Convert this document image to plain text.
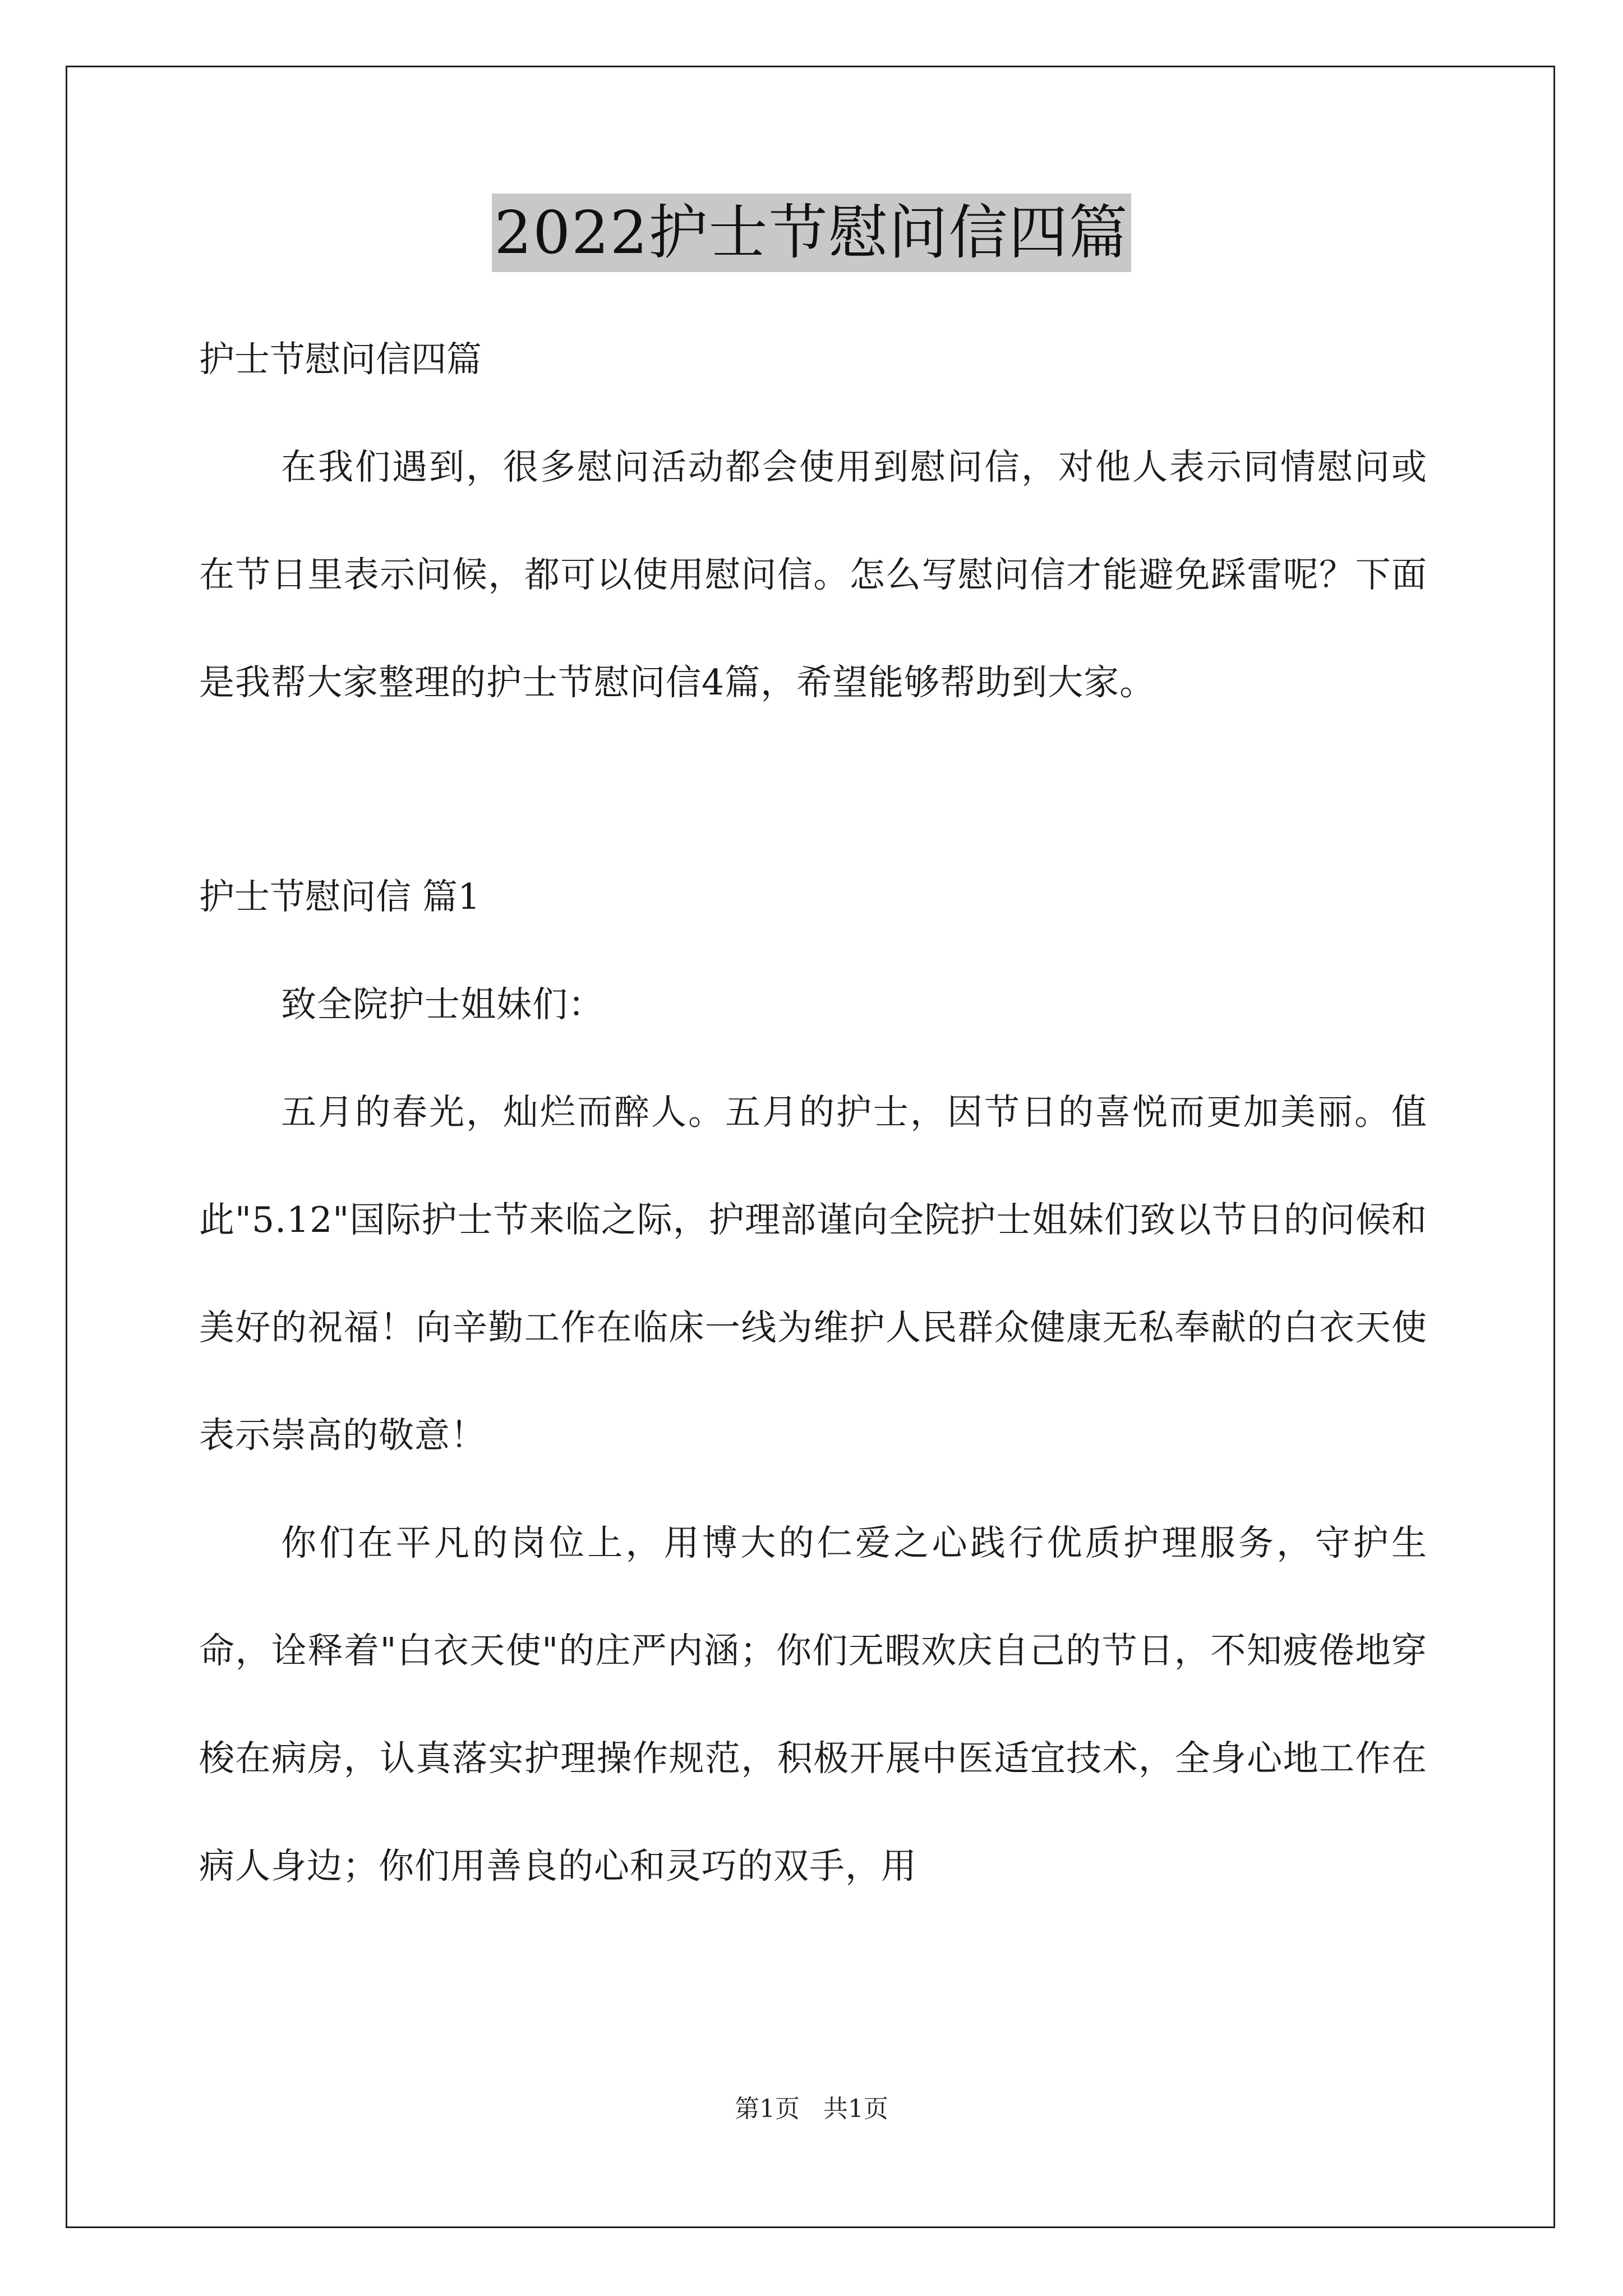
2022护士节慰问信四篇

护士节慰问信四篇

在我们遇到，很多慰问活动都会使用到慰问信，对他人表示同情慰问或在节日里表示问候，都可以使用慰问信。怎么写慰问信才能避免踩雷呢？下面是我帮大家整理的护士节慰问信4篇，希望能够帮助到大家。

护士节慰问信 篇1

致全院护士姐妹们：

五月的春光，灿烂而醉人。五月的护士，因节日的喜悦而更加美丽。值此"5.12"国际护士节来临之际，护理部谨向全院护士姐妹们致以节日的问候和美好的祝福！向辛勤工作在临床一线为维护人民群众健康无私奉献的白衣天使表示崇高的敬意！

你们在平凡的岗位上，用博大的仁爱之心践行优质护理服务，守护生命，诠释着"白衣天使"的庄严内涵；你们无暇欢庆自己的节日，不知疲倦地穿梭在病房，认真落实护理操作规范，积极开展中医适宜技术，全身心地工作在病人身边；你们用善良的心和灵巧的双手，用

第1页 共1页
